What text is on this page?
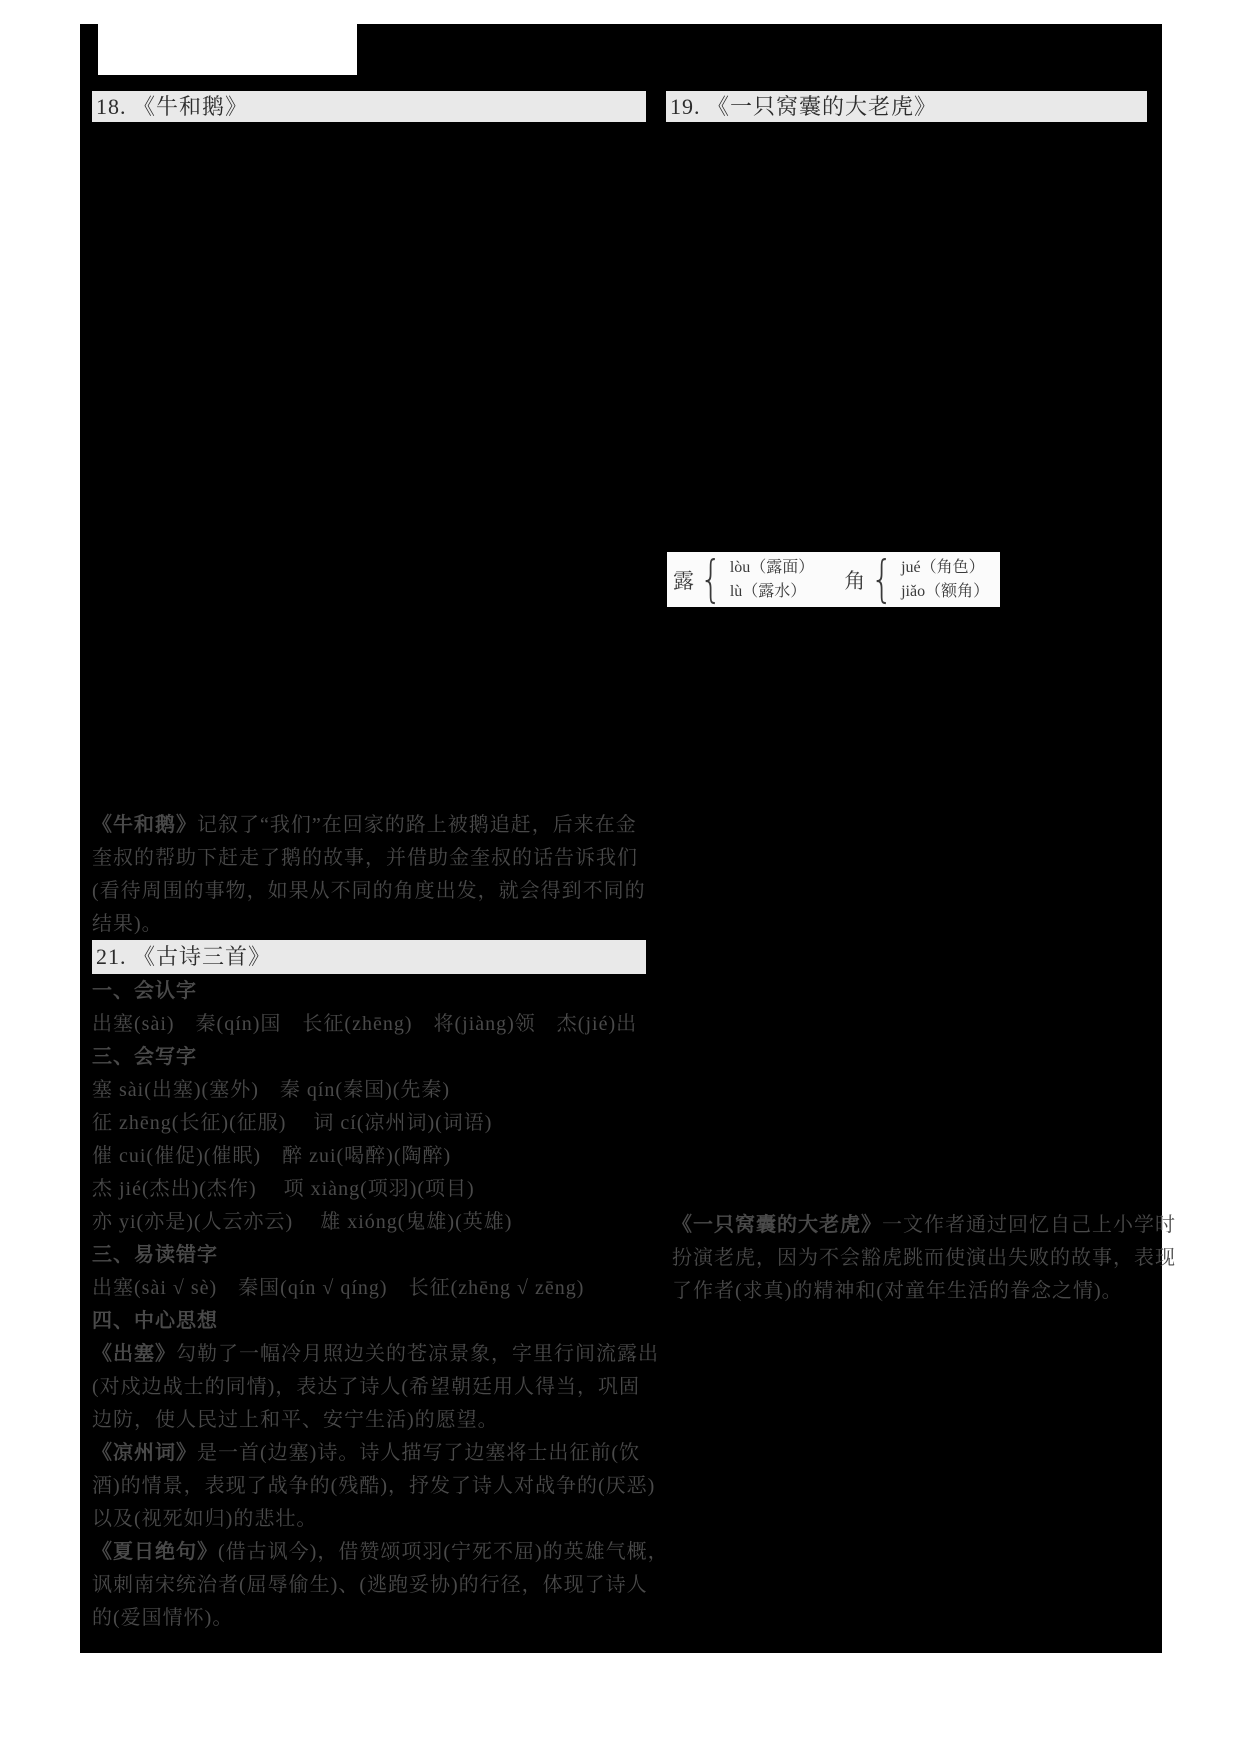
18. 《牛和鹅》	19. 《一只窝囊的大老虎》
露 { lòu（露面）
lù（露水）	角 { jué（角色）
jiǎo（额角）
《牛和鹅》记叙了“我们”在回家的路上被鹅追赶，后来在金
奎叔的帮助下赶走了鹅的故事，并借助金奎叔的话告诉我们
(看待周围的事物，如果从不同的角度出发，就会得到不同的
结果)。
21. 《古诗三首》
一、会认字
出塞(sài)　秦(qín)国　长征(zhēng)　将(jiàng)领　杰(jié)出
三、会写字
塞 sài(出塞)(塞外)　秦 qín(秦国)(先秦)
征 zhēng(长征)(征服)　 词 cí(凉州词)(词语)
催 cui(催促)(催眠)　醉 zui(喝醉)(陶醉)
杰 jié(杰出)(杰作)　 项 xiàng(项羽)(项目)
亦 yi(亦是)(人云亦云)　 雄 xióng(鬼雄)(英雄)
三、易读错字
出塞(sài √ sè)　秦国(qín √ qíng)　长征(zhēng √ zēng)
四、中心思想
《出塞》勾勒了一幅冷月照边关的苍凉景象，字里行间流露出
(对戍边战士的同情)，表达了诗人(希望朝廷用人得当，巩固
边防，使人民过上和平、安宁生活)的愿望。
《凉州词》是一首(边塞)诗。诗人描写了边塞将士出征前(饮
酒)的情景，表现了战争的(残酷)，抒发了诗人对战争的(厌恶)
以及(视死如归)的悲壮。
《夏日绝句》(借古讽今)，借赞颂项羽(宁死不屈)的英雄气概，
讽刺南宋统治者(屈辱偷生)、(逃跑妥协)的行径，体现了诗人
的(爱国情怀)。
《一只窝囊的大老虎》一文作者通过回忆自己上小学时
扮演老虎，因为不会豁虎跳而使演出失败的故事，表现
了作者(求真)的精神和(对童年生活的眷念之情)。
